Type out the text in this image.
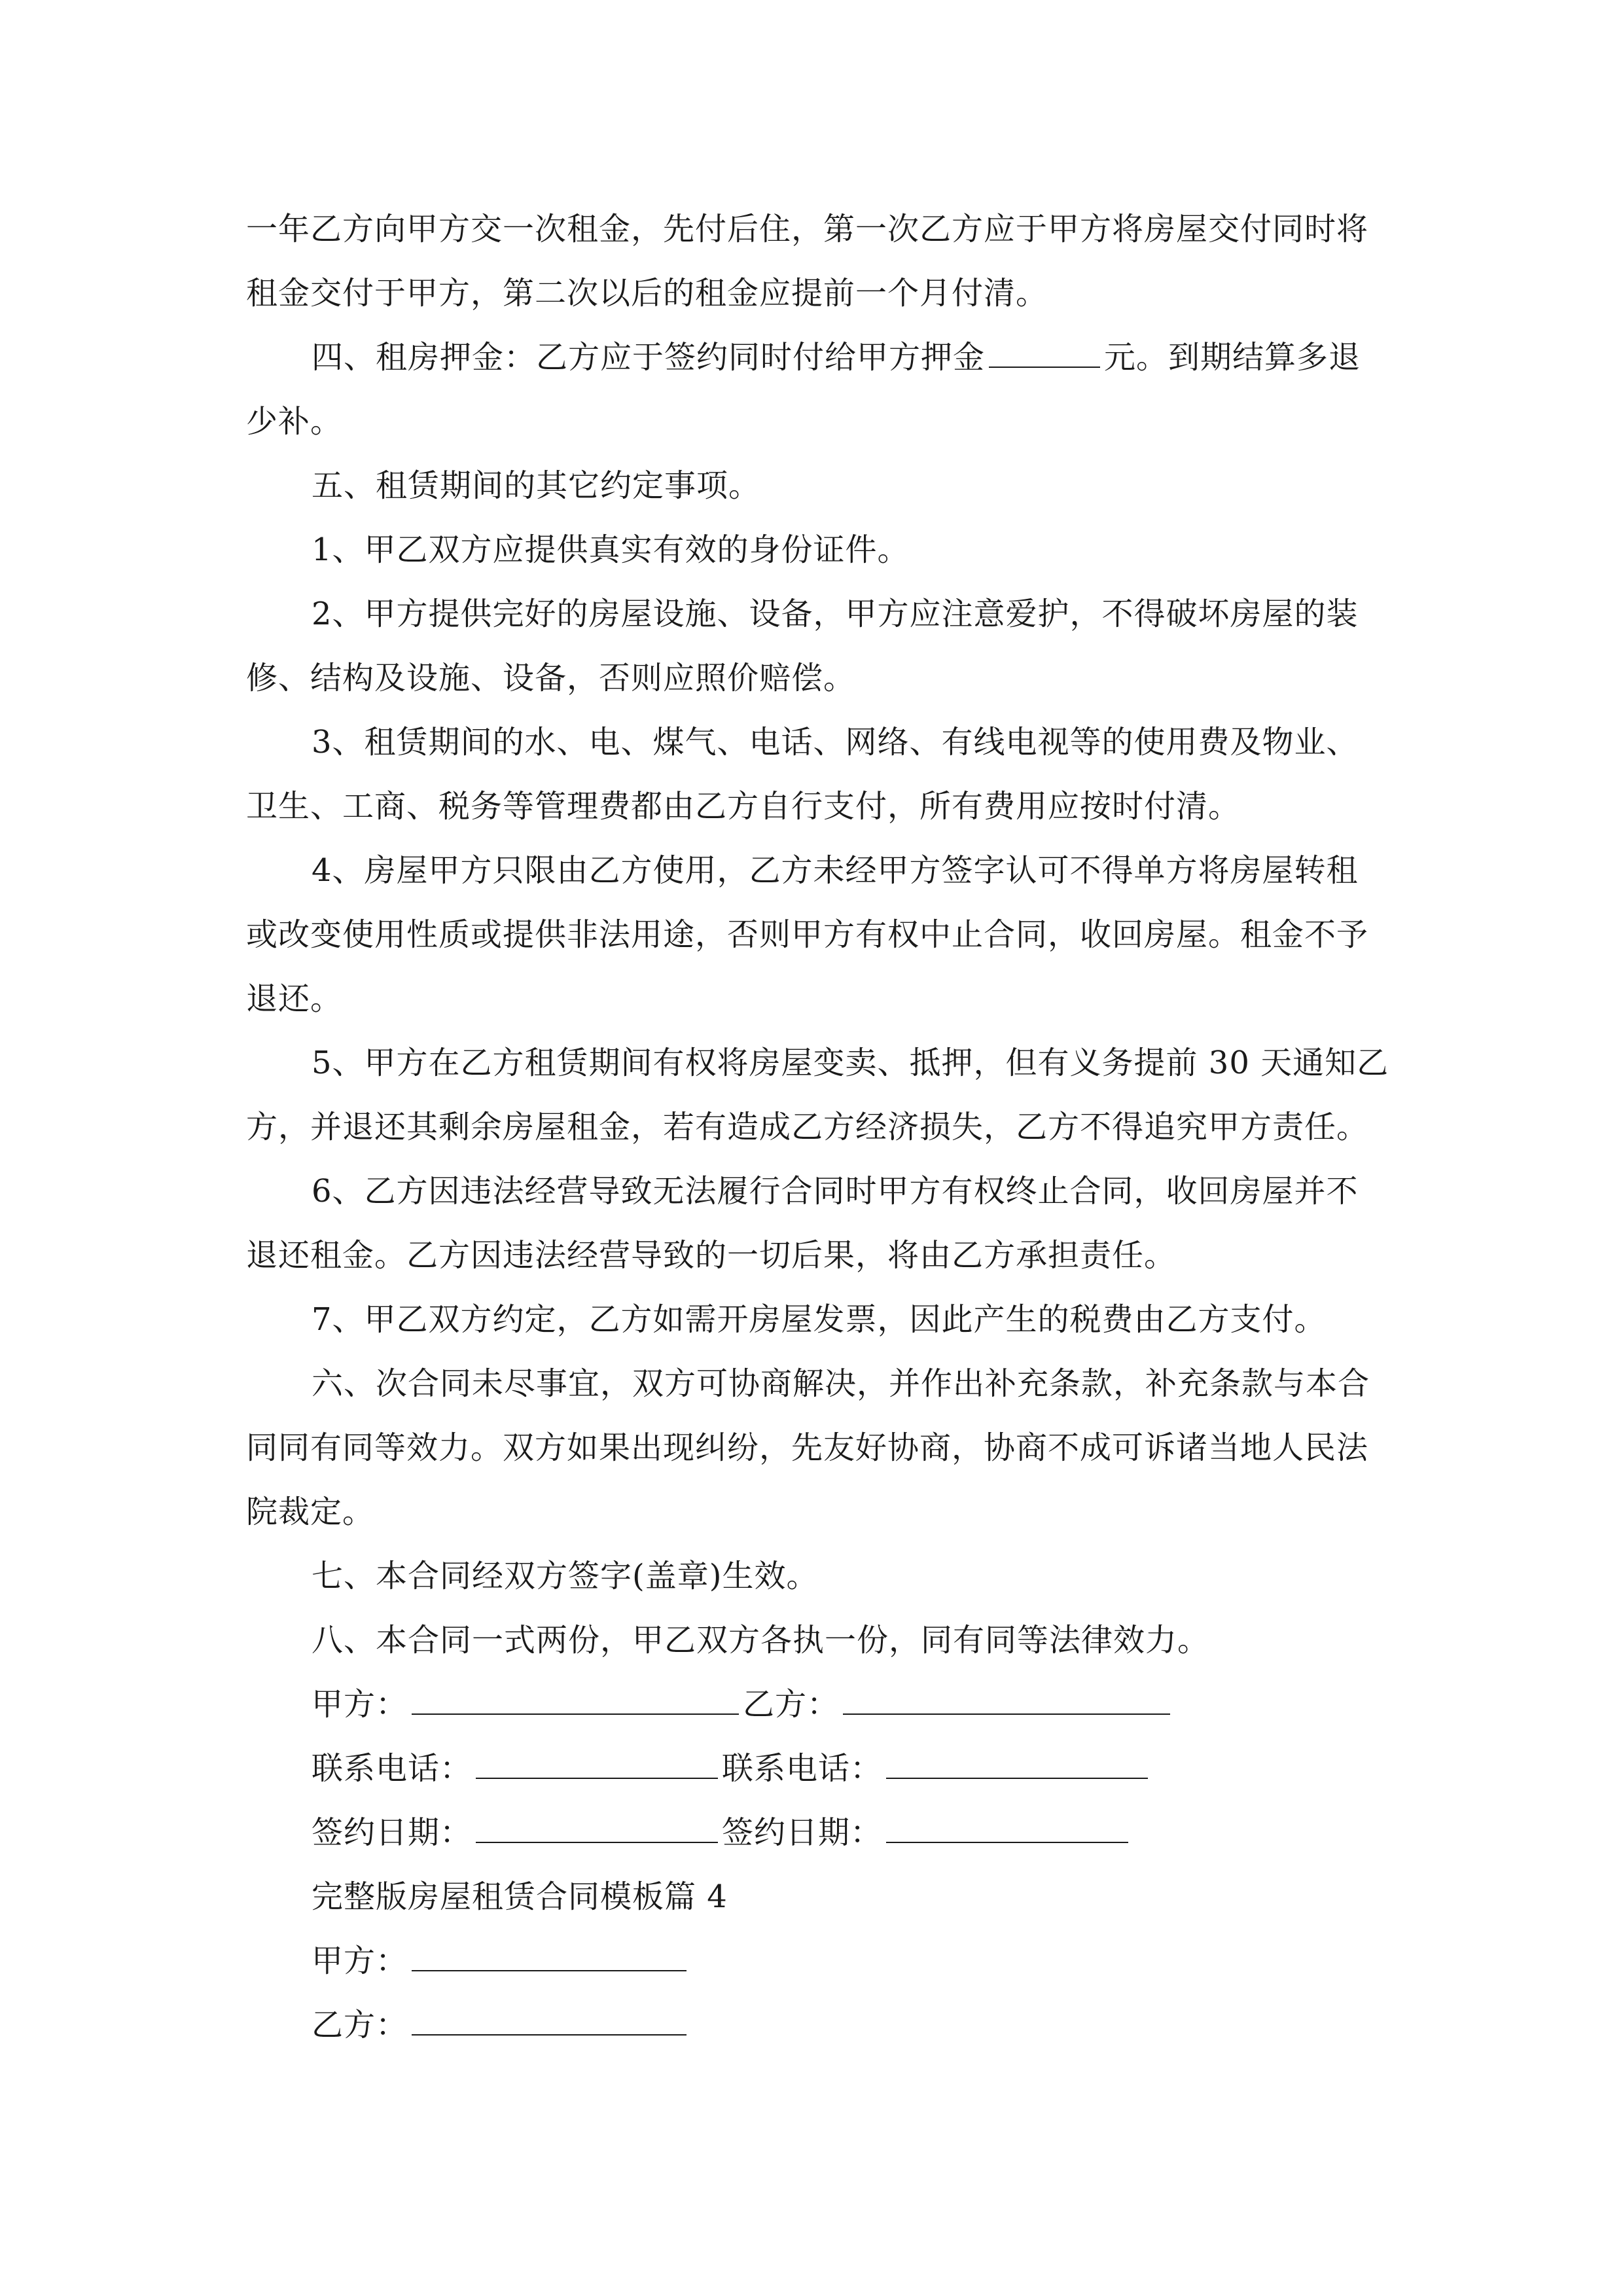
一年乙方向甲方交一次租金，先付后住，第一次乙方应于甲方将房屋交付同时将
租金交付于甲方，第二次以后的租金应提前一个月付清。
四、租房押金：乙方应于签约同时付给甲方押金	元。到期结算多退
少补。
五、租赁期间的其它约定事项。
1、甲乙双方应提供真实有效的身份证件。
2、甲方提供完好的房屋设施、设备，甲方应注意爱护，不得破坏房屋的装
修、结构及设施、设备，否则应照价赔偿。
3、租赁期间的水、电、煤气、电话、网络、有线电视等的使用费及物业、
卫生、工商、税务等管理费都由乙方自行支付，所有费用应按时付清。
4、房屋甲方只限由乙方使用，乙方未经甲方签字认可不得单方将房屋转租
或改变使用性质或提供非法用途，否则甲方有权中止合同，收回房屋。租金不予
退还。
5、甲方在乙方租赁期间有权将房屋变卖、抵押，但有义务提前 30 天通知乙
方，并退还其剩余房屋租金，若有造成乙方经济损失，乙方不得追究甲方责任。
6、乙方因违法经营导致无法履行合同时甲方有权终止合同，收回房屋并不
退还租金。乙方因违法经营导致的一切后果，将由乙方承担责任。
7、甲乙双方约定，乙方如需开房屋发票，因此产生的税费由乙方支付。
六、次合同未尽事宜，双方可协商解决，并作出补充条款，补充条款与本合
同同有同等效力。双方如果出现纠纷，先友好协商，协商不成可诉诸当地人民法
院裁定。
七、本合同经双方签字(盖章)生效。
八、本合同一式两份，甲乙双方各执一份，同有同等法律效力。
甲方：	乙方：
联系电话：	联系电话：
签约日期：	签约日期：
完整版房屋租赁合同模板篇 4
甲方：
乙方：
